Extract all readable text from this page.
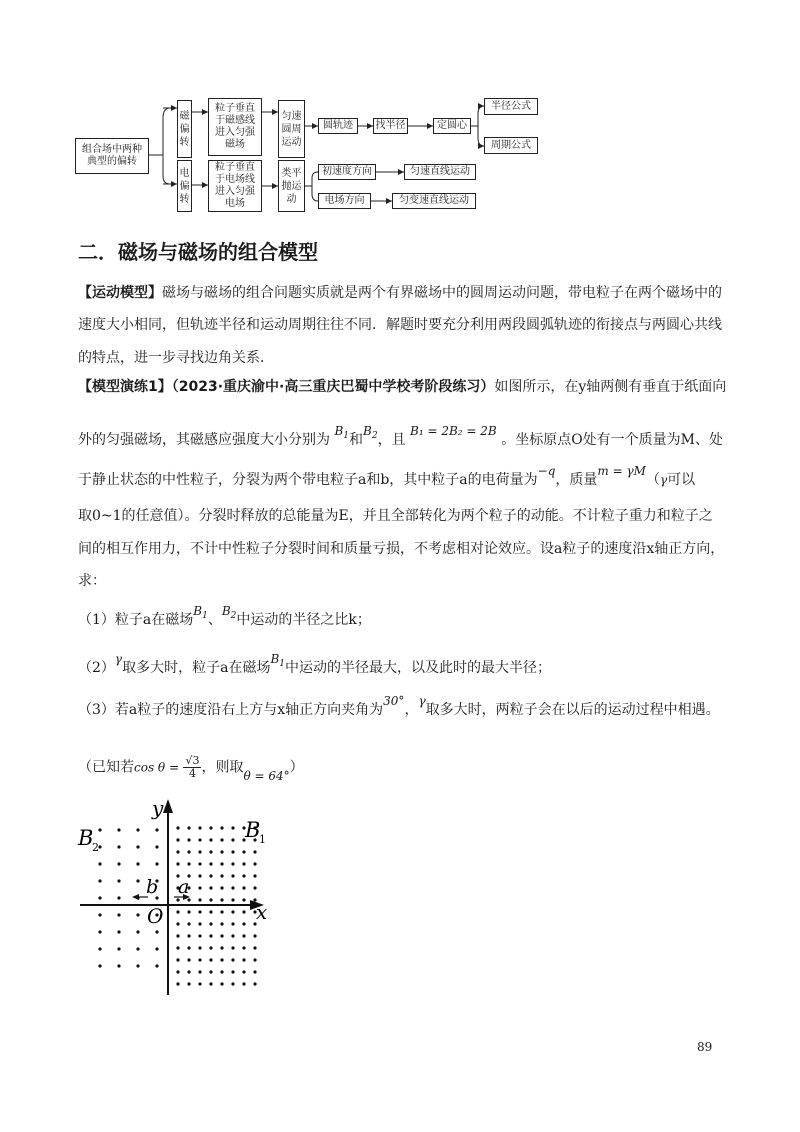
组合场中两种典型的偏转
磁偏转
粒子垂直于磁感线进入匀强磁场
匀速圆周运动
圆轨迹 找半径	定圆心
半径公式
周期公式
电偏转
粒子垂直于电场线进入匀强电场
类平抛运动
初速度方向	匀速直线运动
电场方向	匀变速直线运动
二．磁场与磁场的组合模型
【运动模型】磁场与磁场的组合问题实质就是两个有界磁场中的圆周运动问题，带电粒子在两个磁场中的
速度大小相同，但轨迹半径和运动周期往往不同．解题时要充分利用两段圆弧轨迹的衔接点与两圆心共线
的特点，进一步寻找边角关系．
【模型演练1】（2023·重庆渝中·高三重庆巴蜀中学校考阶段练习）如图所示，在y轴两侧有垂直于纸面向
外的匀强磁场，其磁感应强度大小分别为 $B_1$和$B_2$，且 B₁ = 2B₂ = 2B 。坐标原点O处有一个质量为M、处
于静止状态的中性粒子，分裂为两个带电粒子a和b，其中粒子a的电荷量为−q，质量m = γM（γ可以
取0~1的任意值）。分裂时释放的总能量为E，并且全部转化为两个粒子的动能。不计粒子重力和粒子之
间的相互作用力，不计中性粒子分裂时间和质量亏损，不考虑相对论效应。设a粒子的速度沿x轴正方向，
求：
（1）粒子a在磁场$B_1$、$B_2$中运动的半径之比k；
（2）γ取多大时，粒子a在磁场$B_1$中运动的半径最大，以及此时的最大半径；
（3）若a粒子的速度沿右上方与x轴正方向夹角为30°，γ取多大时，两粒子会在以后的运动过程中相遇。
（已知若$\cos \theta = \frac{√3}{4}$ ，则取θ = 64°）
y
x
O
b a
B
2
B
1
89
